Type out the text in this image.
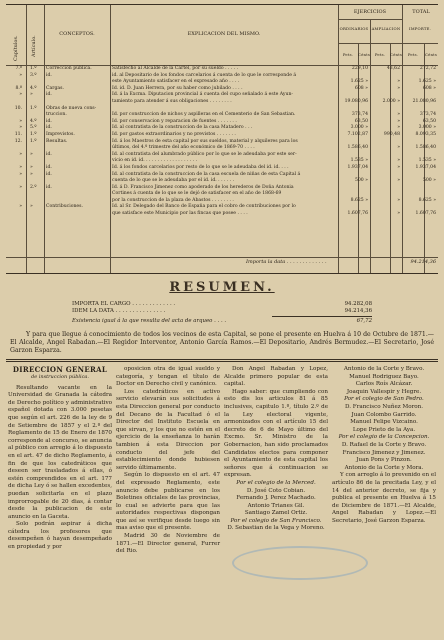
Capítulos. Artículo.
CONCEPTOS.	EXPLICACION DEL MISMO.
EJERCICIOS	TOTAL
ORDINARIOS AMPLIACION	IMPORTE.
Pets.	Cénts	Pets.	Cénts	Pets.	Cénts
7.º 1.º	Correccion pública.	Satisfecho al Alcalde de la Cartel, por su sueldo . . . . .	229,10	43,62	272,72
» 3.º	id.	id. al Depositario de los fondos carcelarios á cuenta de lo que le corresponde á
este Ayuntamiento satisfacer en el expresado año . . . .	1.625 »	»	1.625 »
8.º 4.º	Cargas.	Id. id. D. Juan Herrera, por su haber como jubilado . . . .	608 »	»	608 »
» »	id.	Id. á la Excma. Diputacion provincial á cuenta del cupo señalado á este Ayun-
tamiento para atender á sus obligaciones . . . . . . . .	19.080,96	2.000 »	21.080,96
10. 1.º	Obras de nueva cons-
truccion.	Id. por construccion de nichos y aspilleras en el Cementerio de San Sebastian.	373,74	»	373,74
» 4.º	id.	Id. por conservacion y reparacion de fuentes . . . . . . .	63,50	»	63,50
» 5.º	id.	Id. al contratista de la construccion de la casa Matadero . . .	3.000 »	»	3.000 »
11. 1.º	Imprevistos.	Id. por gastos extraordinarios y no previstos . . . . . . .	7.102,87	990,48	8.093,35
12. 1.º	Resultas.	Id. á los Maestros de esta capital por sus sueldos, material y alquileres para los
últimos, del 4.º trimestre del año económico de 1869-70 . . . .	1.586,40	»	1.586,40
» »	id.	Id. al contratista del alumbrado público por lo que se le adeudaba por este ser-
vicio en id. id. . . . . . . . . . . . . . . . . . .	1.535 »	»	1.535 »
» »	id.	Id. á los fondos carcelarios por resto de lo que se le adeudaba del id. id. . . .	1.937,04	»	1.937,04
» »	id.	Id. al contratista de la construccion de la casa escuela de niñas de esta Capital á
cuenta de lo que se le adeudaba por el id. id. . . . . . .	500 »	»	500 »
» 2.º	id.	Id. á D. Francisco Jimenez como apoderado de los herederos de Doña Antonia
Cortines á cuenta de lo que se le dejó de satisfacer en el año de 1868-69
por la construccion de la plaza de Abastos . . . . . . . .	8.625 »	»	8.625 »
» »	Contribuciones.	Id. al Sr. Delegado del Banco de España para el cobro de contribuciones por lo
que satisface este Municipio por las fincas que posee . . . .	1.607,76	»	1.607,76
Importa la data . . . . . . . . . . . . .	94.214,36
RESUMEN.
IMPORTA EL CARGO . . . . . . . . . . . . .	94.282,08
IDEM LA DATA . . . . . . . . . . . . . . .	94.214,36
Existencia igual á la que resulta del acta de arqueo . . . .	67,72

Y para que llegue á conocimiento de todos los vecinos de esta Capital, se pone el presente en Huelva á 10 de Octubre de 1871.—El Alcalde, Angel Rabadan.—El Regidor Interventor, Antonio García Ramos.—El Depositario, Andrés Bermudez.—El Secretario, José Garzon Esparza.

DIRECCION GENERAL
de instruccion pública.

Resultando vacante en la Universidad de Granada la cátedra de Derecho político y administrativo español dotada con 3.000 pesetas que según el art. 226 de la ley de 9 de Setiembre de 1857 y el 2.º del Reglamento de 15 de Enero de 1870 corresponde al concurso, se anuncia al público con arreglo á lo dispuesto en el art. 47 de dicho Reglamento, á fin de que los catedráticos que deseen ser trasladados á ellas, ó estén comprendidos en el art. 177 de dicha Ley ó se hallen excedentes, puedan solicitarla en el plazo improrrogable de 20 dias, á contar desde la publicacion de este anuncio en la Gaceta.

Solo podrán aspirar á dicha cátedra los profesores que desempeñen ó hayan desempeñado en propiedad y por

oposicion otra de igual sueldo y categoría, y tengan el título de Doctor en Derecho civil y canónico.

Los catedráticos en activo servicio elevarán sus solicitudes á esta Direccion general por conducto del Decano de la Facultad ó el Director del Instituto Escuela en que sirvan, y los que no estén en el ejercicio de la enseñanza lo harán tambien á esta Direccion por conducto del jefe del establecimiento donde hubiesen servido últimamente.

Según lo dispuesto en el art. 47 del expresado Reglamento, este anuncio debe publicarse en los Boletines oficiales de las provincias, lo cual se advierte para que las autoridades respectivas dispongan que así se verifique desde luego sin mas aviso que el presente.

Madrid 30 de Noviembre de 1871.—El Director general, Furrer del Rio.

Don Angel Rabadan y Lopez, Alcalde primero popular de esta capital.

Hago saber: que cumpliendo con esto dis los articulos 81 á 85 inclusives, capitulo 1.º, título 2.º de la Ley electoral vigente, armonizados con el artículo 15 del decreto de 6 de Mayo último del Excmo. Sr. Ministro de la Gobernacion, han sido proclamados Candidatos electos para componer el Ayuntamiento de esta capital los señores que á continuacion se expresan.

Por el colegio de la Merced.

D. José Coto Cobian.

Fernando J. Perez Machado.

Antonio Trianes Gil.

Santiago Zamel Ortiz.

Por el colegio de San Francisco.

D. Sebastian de la Vega y Moreno.

Antonio de la Corte y Bravo.

Manuel Rodriguez Bayo.

Carlos Roís Alcázar.

Joaquin Vallespir y Hegre.

Por el colegio de San Pedro.

D. Francisco Nuñez Moron.

Juan Colombo Garrido.

Manuel Felipe Vizcaino.

Lope Prieto de la Aya.

Por el colegio de la Concepcion.

D. Rafael de la Corte y Bravo.

Francisco Jimenez y Jimenez.

Juan Pons y Pinzon.

Antonio de la Corte y Mora.

Y con arreglo á lo prevenido en el artículo 86 de la precitada Ley, y el 14 del anterior decreto, se fija y publica el presente en Huelva á 15 de Diciembre de 1871.—El Alcalde, Angel Rabadan y Lopez.—El Secretario, José Garzon Esparza.
